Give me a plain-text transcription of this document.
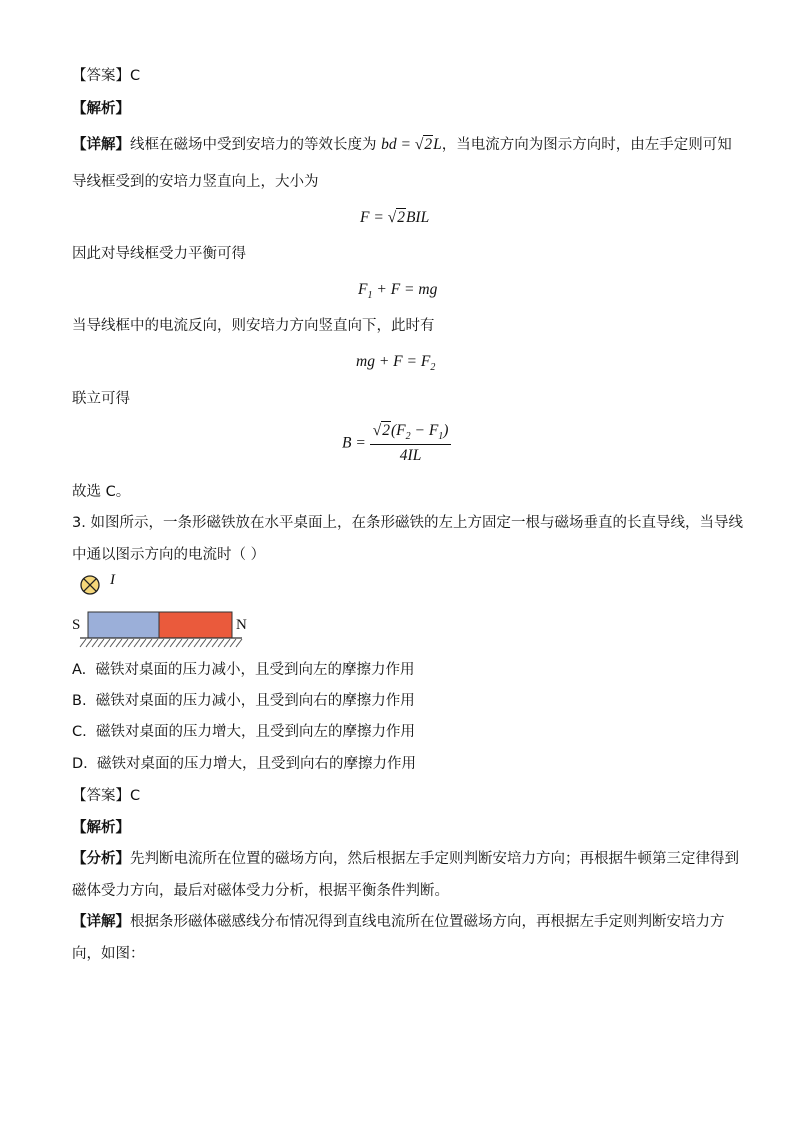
【答案】C
【解析】
【详解】线框在磁场中受到安培力的等效长度为 bd = √2L，当电流方向为图示方向时，由左手定则可知
导线框受到的安培力竖直向上，大小为
F = √2BIL
因此对导线框受力平衡可得
$F_1 + F$ = mg
当导线框中的电流反向，则安培力方向竖直向下，此时有
mg + $F = F_2$
联立可得
$B = \frac{√2(F_2 - F_1)}{4IL}$
故选 C。
3. 如图所示，一条形磁铁放在水平桌面上，在条形磁铁的左上方固定一根与磁场垂直的长直导线，当导线
中通以图示方向的电流时（ ）
I
S	N
A. 磁铁对桌面的压力减小，且受到向左的摩擦力作用
B. 磁铁对桌面的压力减小，且受到向右的摩擦力作用
C. 磁铁对桌面的压力增大，且受到向左的摩擦力作用
D. 磁铁对桌面的压力增大，且受到向右的摩擦力作用
【答案】C
【解析】
【分析】先判断电流所在位置的磁场方向，然后根据左手定则判断安培力方向；再根据牛顿第三定律得到
磁体受力方向，最后对磁体受力分析，根据平衡条件判断。
【详解】根据条形磁体磁感线分布情况得到直线电流所在位置磁场方向，再根据左手定则判断安培力方
向，如图：
